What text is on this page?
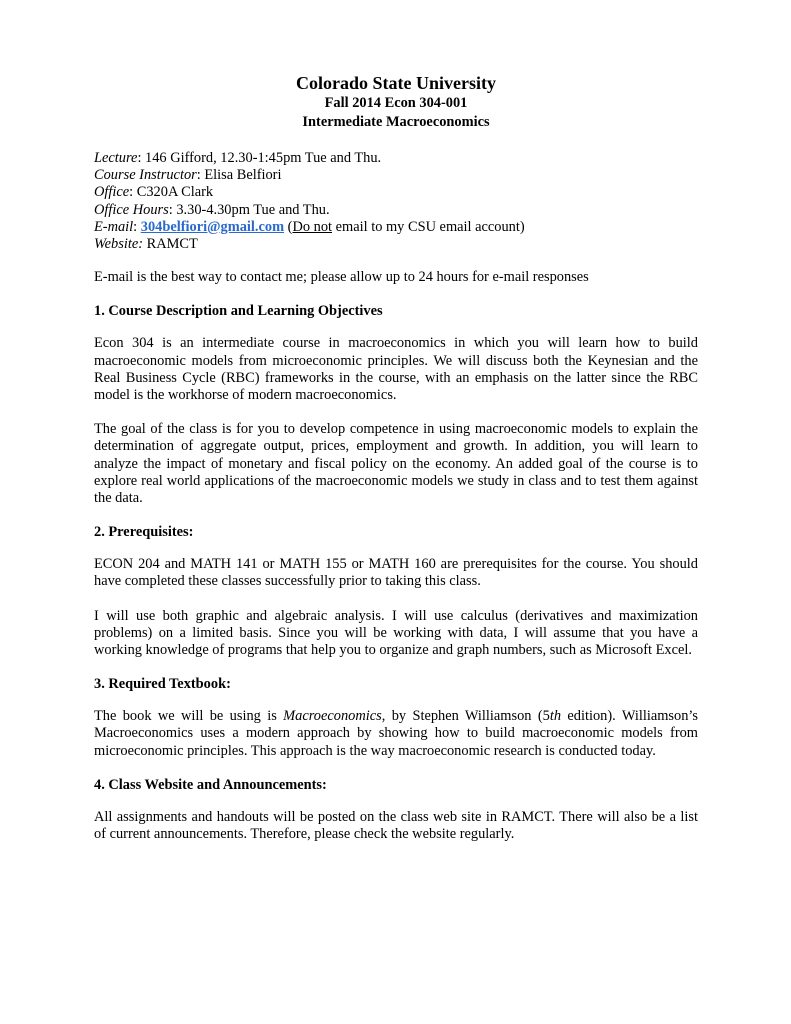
Colorado State University
Fall 2014 Econ 304-001
Intermediate Macroeconomics
Lecture: 146 Gifford, 12.30-1:45pm Tue and Thu.
Course Instructor: Elisa Belfiori
Office: C320A Clark
Office Hours: 3.30-4.30pm Tue and Thu.
E-mail: 304belfiori@gmail.com (Do not email to my CSU email account)
Website: RAMCT

E-mail is the best way to contact me; please allow up to 24 hours for e-mail responses

1. Course Description and Learning Objectives

Econ 304 is an intermediate course in macroeconomics in which you will learn how to build macroeconomic models from microeconomic principles. We will discuss both the Keynesian and the Real Business Cycle (RBC) frameworks in the course, with an emphasis on the latter since the RBC model is the workhorse of modern macroeconomics.

The goal of the class is for you to develop competence in using macroeconomic models to explain the determination of aggregate output, prices, employment and growth. In addition, you will learn to analyze the impact of monetary and fiscal policy on the economy. An added goal of the course is to explore real world applications of the macroeconomic models we study in class and to test them against the data.

2. Prerequisites:

ECON 204 and MATH 141 or MATH 155 or MATH 160 are prerequisites for the course. You should have completed these classes successfully prior to taking this class.

I will use both graphic and algebraic analysis. I will use calculus (derivatives and maximization problems) on a limited basis. Since you will be working with data, I will assume that you have a working knowledge of programs that help you to organize and graph numbers, such as Microsoft Excel.

3. Required Textbook:

The book we will be using is Macroeconomics, by Stephen Williamson (5th edition). Williamson’s Macroeconomics uses a modern approach by showing how to build macroeconomic models from microeconomic principles. This approach is the way macroeconomic research is conducted today.

4. Class Website and Announcements:

All assignments and handouts will be posted on the class web site in RAMCT. There will also be a list of current announcements. Therefore, please check the website regularly.
